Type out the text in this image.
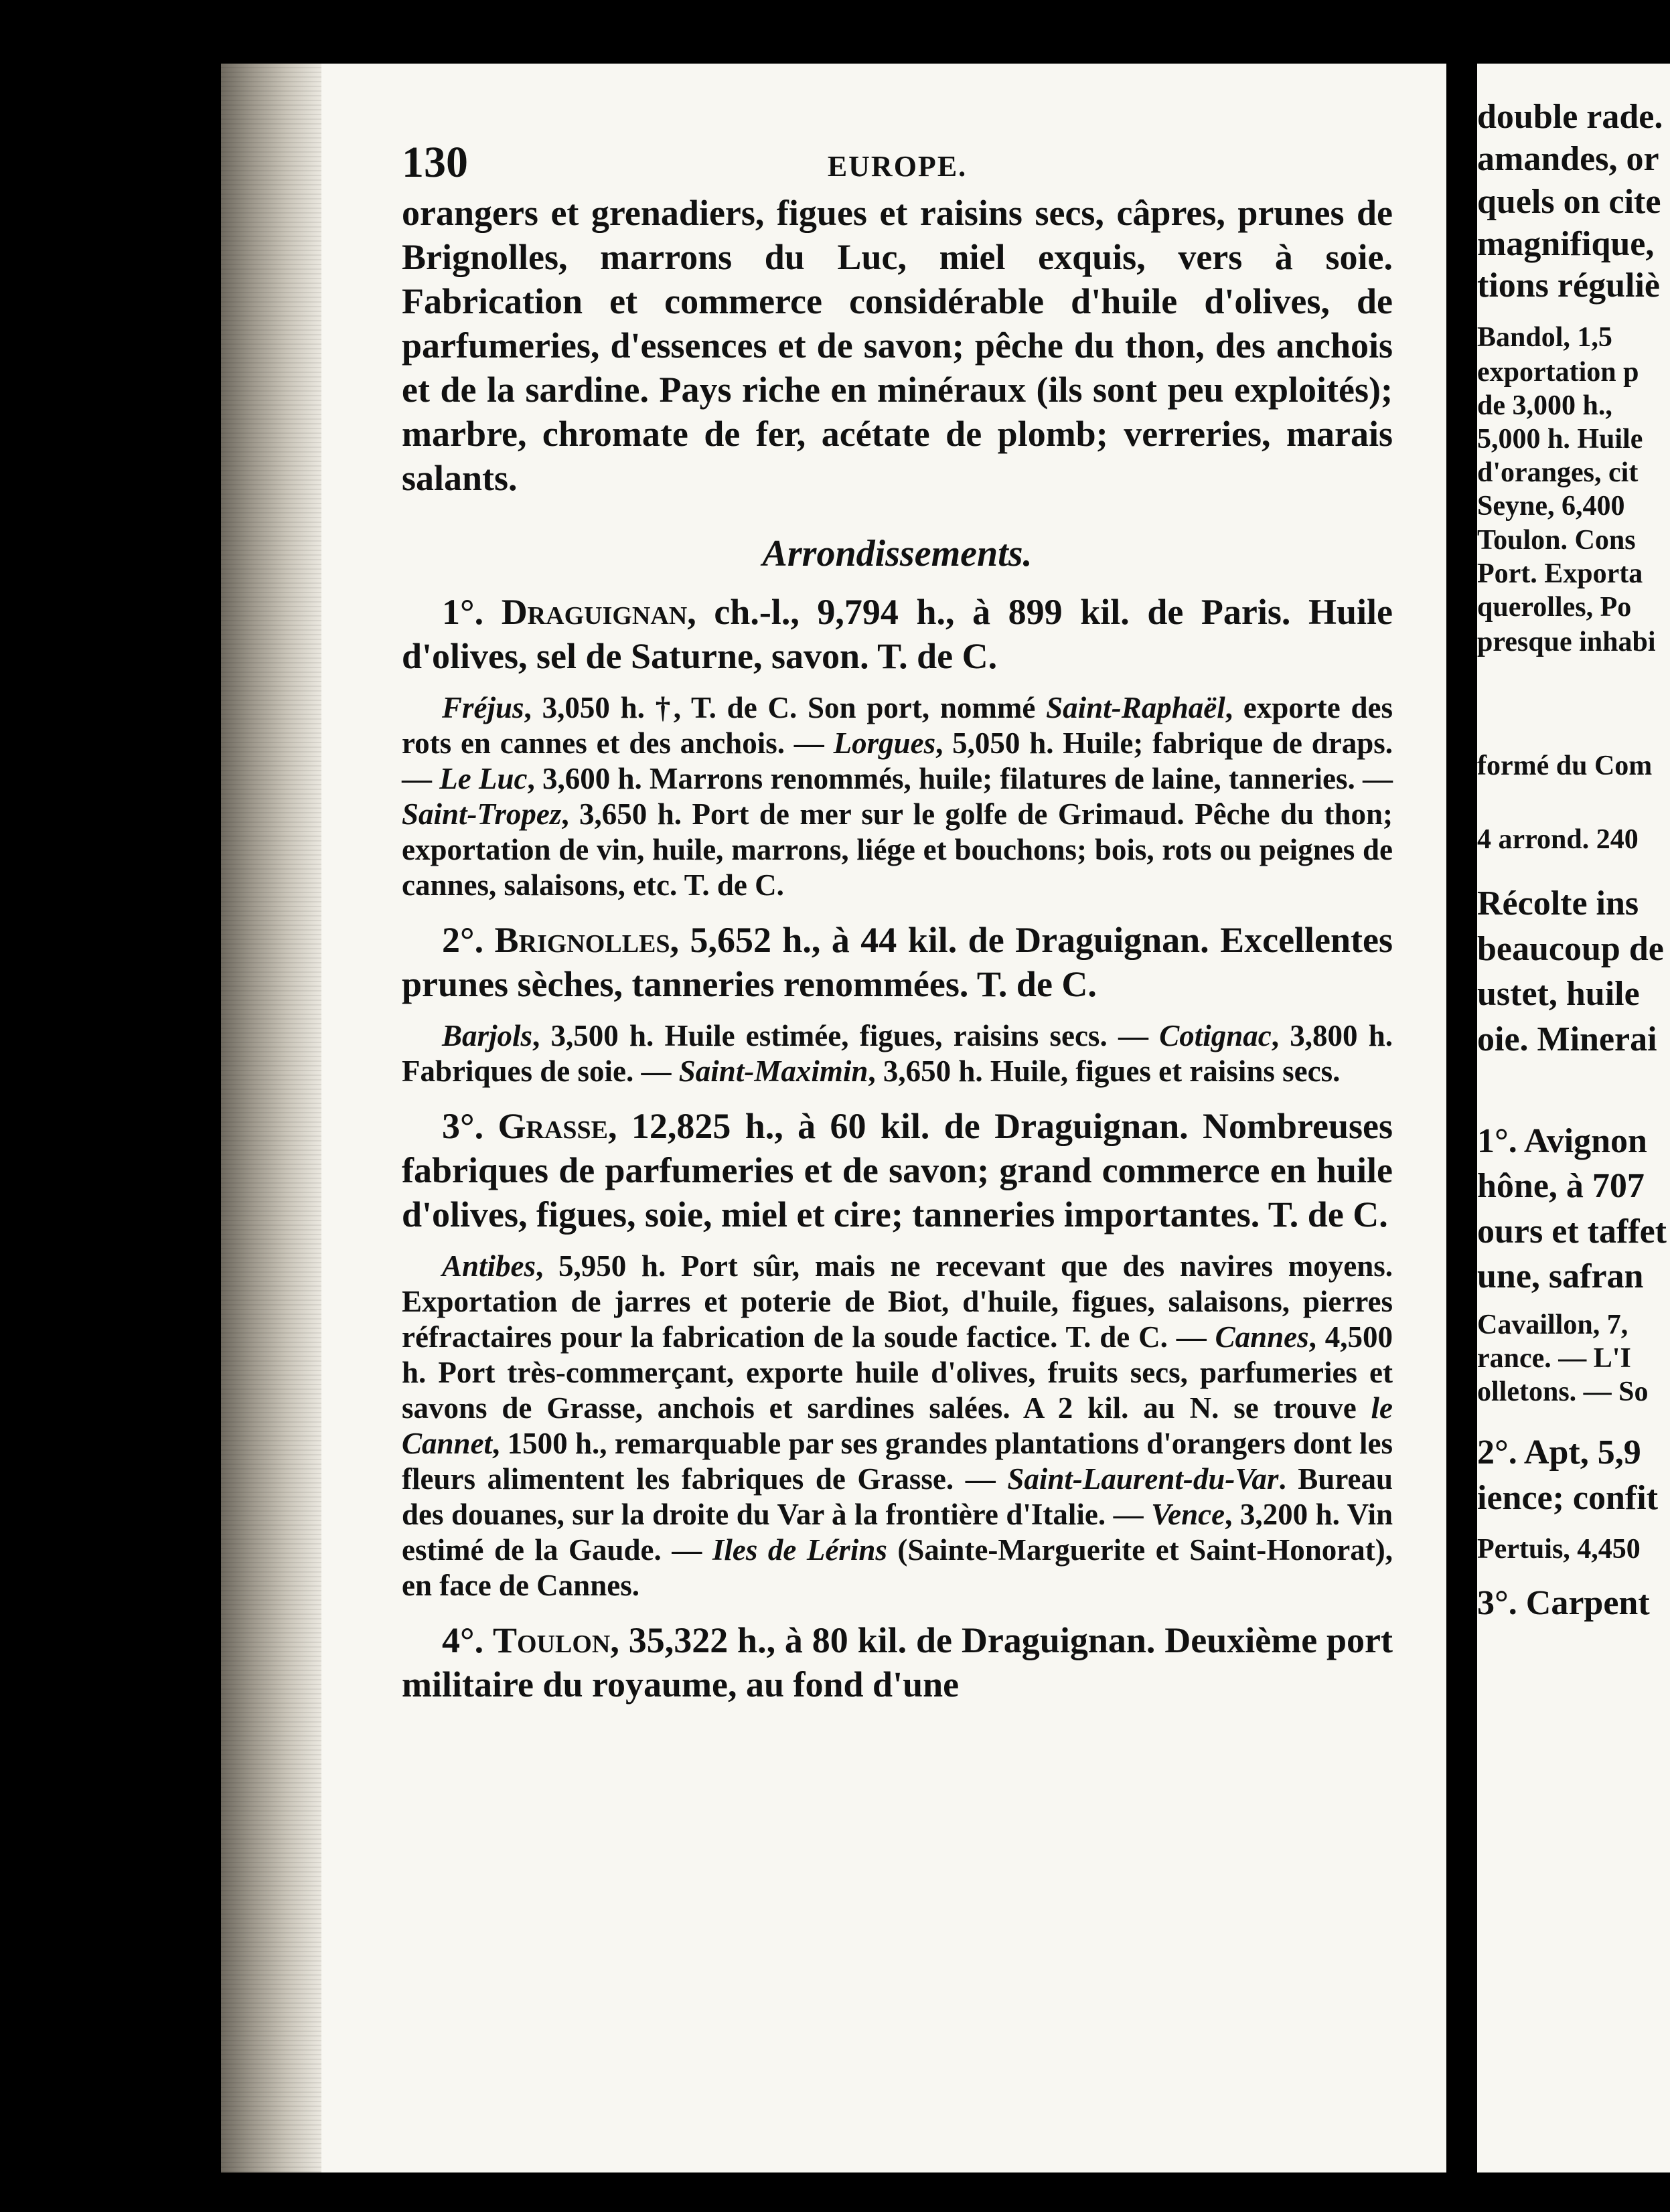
130	EUROPE.

orangers et grenadiers, figues et raisins secs, câpres, prunes de Brignolles, marrons du Luc, miel exquis, vers à soie. Fabrication et commerce considérable d'huile d'olives, de parfumeries, d'essences et de savon; pêche du thon, des anchois et de la sardine. Pays riche en minéraux (ils sont peu exploités); marbre, chromate de fer, acétate de plomb; verreries, marais salants.

Arrondissements.

1°. Draguignan, ch.-l., 9,794 h., à 899 kil. de Paris. Huile d'olives, sel de Saturne, savon. T. de C.

Fréjus, 3,050 h. †, T. de C. Son port, nommé Saint-Raphaël, exporte des rots en cannes et des anchois. — Lorgues, 5,050 h. Huile; fabrique de draps. — Le Luc, 3,600 h. Marrons renommés, huile; filatures de laine, tanneries. — Saint-Tropez, 3,650 h. Port de mer sur le golfe de Grimaud. Pêche du thon; exportation de vin, huile, marrons, liége et bouchons; bois, rots ou peignes de cannes, salaisons, etc. T. de C.

2°. Brignolles, 5,652 h., à 44 kil. de Draguignan. Excellentes prunes sèches, tanneries renommées. T. de C.

Barjols, 3,500 h. Huile estimée, figues, raisins secs. — Cotignac, 3,800 h. Fabriques de soie. — Saint-Maximin, 3,650 h. Huile, figues et raisins secs.

3°. Grasse, 12,825 h., à 60 kil. de Draguignan. Nombreuses fabriques de parfumeries et de savon; grand commerce en huile d'olives, figues, soie, miel et cire; tanneries importantes. T. de C.

Antibes, 5,950 h. Port sûr, mais ne recevant que des navires moyens. Exportation de jarres et poterie de Biot, d'huile, figues, salaisons, pierres réfractaires pour la fabrication de la soude factice. T. de C. — Cannes, 4,500 h. Port très-commerçant, exporte huile d'olives, fruits secs, parfumeries et savons de Grasse, anchois et sardines salées. A 2 kil. au N. se trouve le Cannet, 1500 h., remarquable par ses grandes plantations d'orangers dont les fleurs alimentent les fabriques de Grasse. — Saint-Laurent-du-Var. Bureau des douanes, sur la droite du Var à la frontière d'Italie. — Vence, 3,200 h. Vin estimé de la Gaude. — Iles de Lérins (Sainte-Marguerite et Saint-Honorat), en face de Cannes.

4°. Toulon, 35,322 h., à 80 kil. de Draguignan. Deuxième port militaire du royaume, au fond d'une

double rade.
amandes, or
quels on cite
magnifique,
tions réguliè
Bandol, 1,5
exportation p
de 3,000 h.,
5,000 h. Huile
d'oranges, cit
Seyne, 6,400
Toulon. Cons
Port. Exporta
querolles, Po
presque inhabi
formé du Com
4 arrond. 240
Récolte ins
beaucoup de
ustet, huile
oie. Minerai
1°. Avignon
hône, à 707
ours et taffet
une, safran
Cavaillon, 7,
rance. — L'I
olletons. — So
2°. Apt, 5,9
ience; confit
Pertuis, 4,450
3°. Carpent
